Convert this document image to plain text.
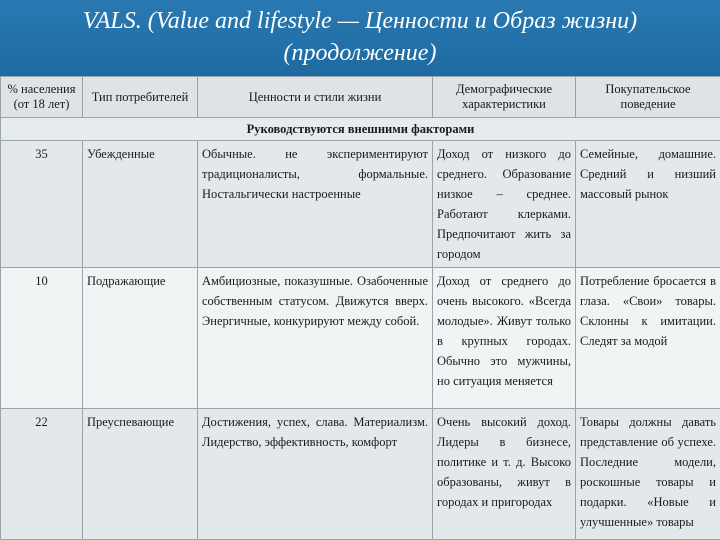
VALS. (Value and lifestyle — Ценности и Образ жизни)
(продолжение)
% населения (от 18 лет)	Тип потребителей	Ценности и стили жизни	Демографические характеристики	Покупательское поведение
Руководствуются внешними факторами				
35	Убежденные	Обычные. не экспериментируют традиционалисты, формальные. Ностальгически настроенные	Доход от низкого до среднего. Образование низкое – среднее. Работают клерками. Предпочитают жить за городом	Семейные, домашние. Средний и низший массовый рынок
10	Подражающие	Амбициозные, показушные. Озабоченные собственным статусом. Движутся вверх. Энергичные, конкурируют между собой.	Доход от среднего до очень высокого. «Всегда молодые». Живут только в крупных городах. Обычно это мужчины, но ситуация меняется	Потребление бросается в глаза. «Свои» товары. Склонны к имитации. Следят за модой
22	Преуспевающие	Достижения, успех, слава. Материализм. Лидерство, эффективность, комфорт	Очень высокий доход. Лидеры в бизнесе, политике и т. д. Высоко образованы, живут в городах и пригородах	Товары должны давать представление об успехе. Последние модели, роскошные товары и подарки. «Новые и улучшенные» товары
